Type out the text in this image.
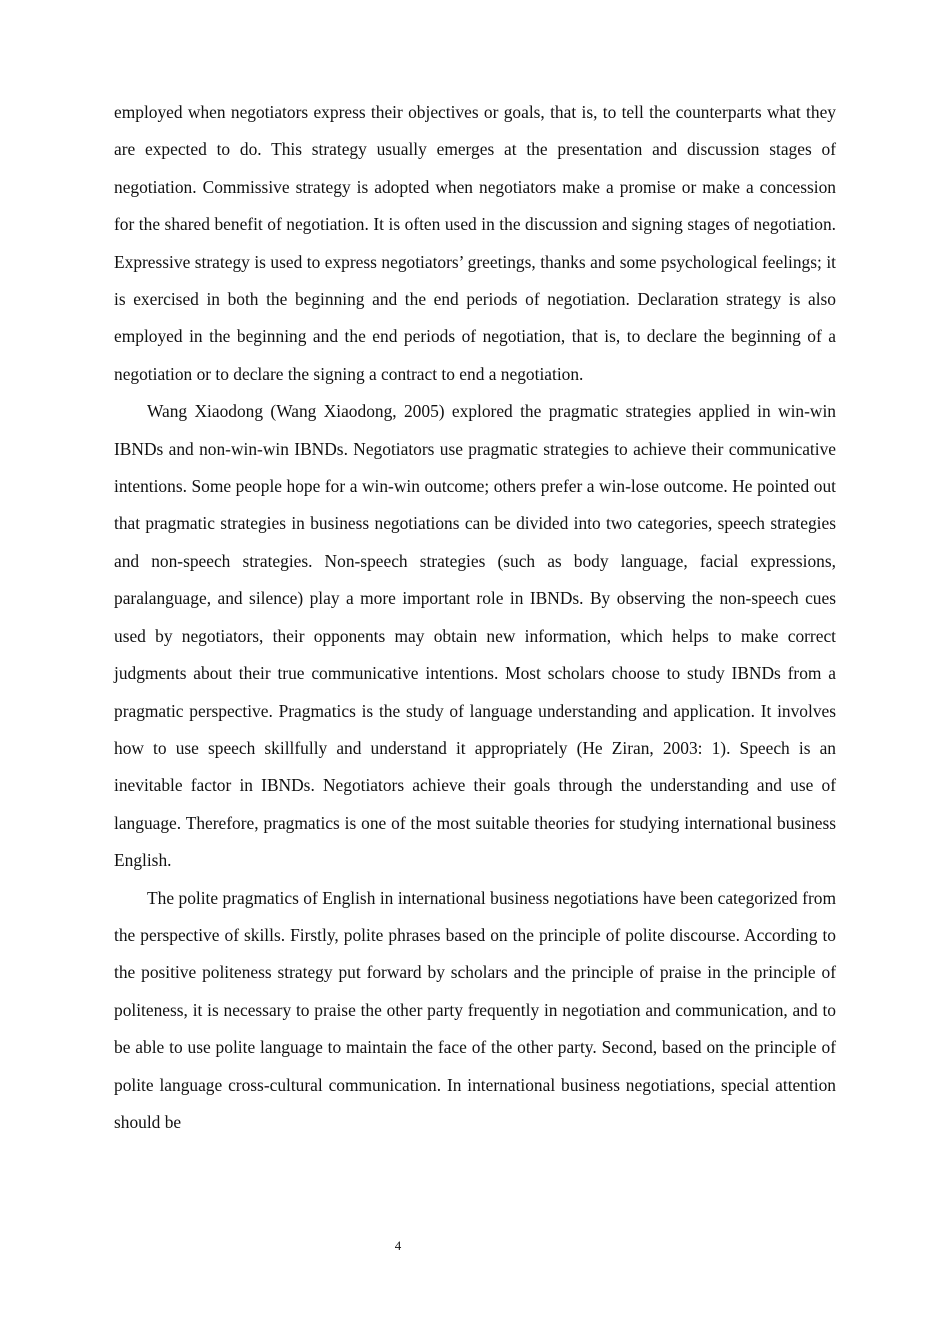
employed when negotiators express their objectives or goals, that is, to tell the counterparts what they are expected to do. This strategy usually emerges at the presentation and discussion stages of negotiation. Commissive strategy is adopted when negotiators make a promise or make a concession for the shared benefit of negotiation. It is often used in the discussion and signing stages of negotiation. Expressive strategy is used to express negotiators’ greetings, thanks and some psychological feelings; it is exercised in both the beginning and the end periods of negotiation. Declaration strategy is also employed in the beginning and the end periods of negotiation, that is, to declare the beginning of a negotiation or to declare the signing a contract to end a negotiation.

Wang Xiaodong (Wang Xiaodong, 2005) explored the pragmatic strategies applied in win-win IBNDs and non-win-win IBNDs. Negotiators use pragmatic strategies to achieve their communicative intentions. Some people hope for a win-win outcome; others prefer a win-lose outcome. He pointed out that pragmatic strategies in business negotiations can be divided into two categories, speech strategies and non-speech strategies. Non-speech strategies (such as body language, facial expressions, paralanguage, and silence) play a more important role in IBNDs. By observing the non-speech cues used by negotiators, their opponents may obtain new information, which helps to make correct judgments about their true communicative intentions. Most scholars choose to study IBNDs from a pragmatic perspective. Pragmatics is the study of language understanding and application. It involves how to use speech skillfully and understand it appropriately (He Ziran, 2003: 1). Speech is an inevitable factor in IBNDs. Negotiators achieve their goals through the understanding and use of language. Therefore, pragmatics is one of the most suitable theories for studying international business English.

The polite pragmatics of English in international business negotiations have been categorized from the perspective of skills. Firstly, polite phrases based on the principle of polite discourse. According to the positive politeness strategy put forward by scholars and the principle of praise in the principle of politeness, it is necessary to praise the other party frequently in negotiation and communication, and to be able to use polite language to maintain the face of the other party. Second, based on the principle of polite language cross-cultural communication. In international business negotiations, special attention should be

4
